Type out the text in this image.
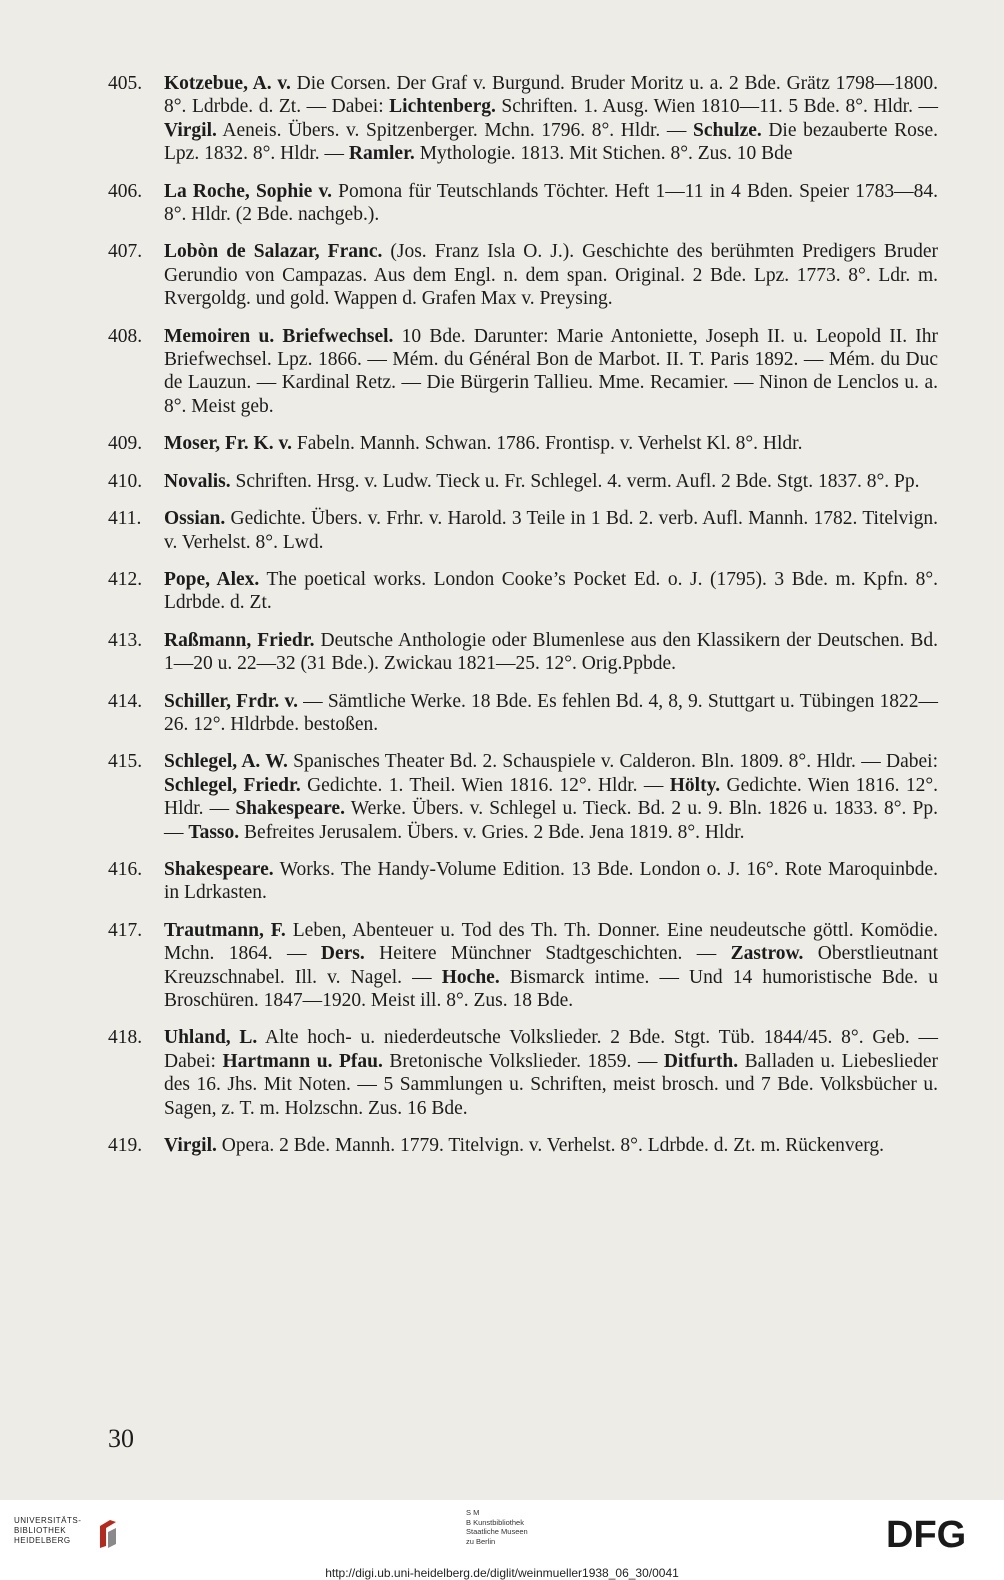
405.	Kotzebue, A. v. Die Corsen. Der Graf v. Burgund. Bruder Moritz u. a. 2 Bde. Grätz 1798—1800. 8°. Ldrbde. d. Zt. — Dabei: Lichtenberg. Schriften. 1. Ausg. Wien 1810—11. 5 Bde. 8°. Hldr. — Virgil. Aeneis. Übers. v. Spitzenberger. Mchn. 1796. 8°. Hldr. — Schulze. Die bezauberte Rose. Lpz. 1832. 8°. Hldr. — Ramler. Mythologie. 1813. Mit Stichen. 8°. Zus. 10 Bde
406.	La Roche, Sophie v. Pomona für Teutschlands Töchter. Heft 1—11 in 4 Bden. Speier 1783—84. 8°. Hldr. (2 Bde. nachgeb.).
407.	Lobòn de Salazar, Franc. (Jos. Franz Isla O. J.). Geschichte des berühmten Predigers Bruder Gerundio von Campazas. Aus dem Engl. n. dem span. Original. 2 Bde. Lpz. 1773. 8°. Ldr. m. Rvergoldg. und gold. Wappen d. Grafen Max v. Preysing.
408.	Memoiren u. Briefwechsel. 10 Bde. Darunter: Marie Antoniette, Joseph II. u. Leopold II. Ihr Briefwechsel. Lpz. 1866. — Mém. du Général Bon de Marbot. II. T. Paris 1892. — Mém. du Duc de Lauzun. — Kardinal Retz. — Die Bürgerin Tallieu. Mme. Recamier. — Ninon de Lenclos u. a. 8°. Meist geb.
409.	Moser, Fr. K. v. Fabeln. Mannh. Schwan. 1786. Frontisp. v. Verhelst Kl. 8°. Hldr.
410.	Novalis. Schriften. Hrsg. v. Ludw. Tieck u. Fr. Schlegel. 4. verm. Aufl. 2 Bde. Stgt. 1837. 8°. Pp.
411.	Ossian. Gedichte. Übers. v. Frhr. v. Harold. 3 Teile in 1 Bd. 2. verb. Aufl. Mannh. 1782. Titelvign. v. Verhelst. 8°. Lwd.
412.	Pope, Alex. The poetical works. London Cooke’s Pocket Ed. o. J. (1795). 3 Bde. m. Kpfn. 8°. Ldrbde. d. Zt.
413.	Raßmann, Friedr. Deutsche Anthologie oder Blumenlese aus den Klassikern der Deutschen. Bd. 1—20 u. 22—32 (31 Bde.). Zwickau 1821—25. 12°. Orig.Ppbde.
414.	Schiller, Frdr. v. — Sämtliche Werke. 18 Bde. Es fehlen Bd. 4, 8, 9. Stuttgart u. Tübingen 1822—26. 12°. Hldrbde. bestoßen.
415.	Schlegel, A. W. Spanisches Theater Bd. 2. Schauspiele v. Calderon. Bln. 1809. 8°. Hldr. — Dabei: Schlegel, Friedr. Gedichte. 1. Theil. Wien 1816. 12°. Hldr. — Hölty. Gedichte. Wien 1816. 12°. Hldr. — Shakespeare. Werke. Übers. v. Schlegel u. Tieck. Bd. 2 u. 9. Bln. 1826 u. 1833. 8°. Pp. — Tasso. Befreites Jerusalem. Übers. v. Gries. 2 Bde. Jena 1819. 8°. Hldr.
416.	Shakespeare. Works. The Handy-Volume Edition. 13 Bde. London o. J. 16°. Rote Maroquinbde. in Ldrkasten.
417.	Trautmann, F. Leben, Abenteuer u. Tod des Th. Th. Donner. Eine neudeutsche göttl. Komödie. Mchn. 1864. — Ders. Heitere Münchner Stadtgeschichten. — Zastrow. Oberstlieutnant Kreuzschnabel. Ill. v. Nagel. — Hoche. Bismarck intime. — Und 14 humoristische Bde. u Broschüren. 1847—1920. Meist ill. 8°. Zus. 18 Bde.
418.	Uhland, L. Alte hoch- u. niederdeutsche Volkslieder. 2 Bde. Stgt. Tüb. 1844/45. 8°. Geb. — Dabei: Hartmann u. Pfau. Bretonische Volkslieder. 1859. — Ditfurth. Balladen u. Liebeslieder des 16. Jhs. Mit Noten. — 5 Sammlungen u. Schriften, meist brosch. und 7 Bde. Volksbücher u. Sagen, z. T. m. Holzschn. Zus. 16 Bde.
419.	Virgil. Opera. 2 Bde. Mannh. 1779. Titelvign. v. Verhelst. 8°. Ldrbde. d. Zt. m. Rückenverg.
30
UNIVERSITÄTS-
BIBLIOTHEK
HEIDELBERG
S M
B Kunstbibliothek
Staatliche Museen
zu Berlin	DFG
http://digi.ub.uni-heidelberg.de/diglit/weinmueller1938_06_30/0041
